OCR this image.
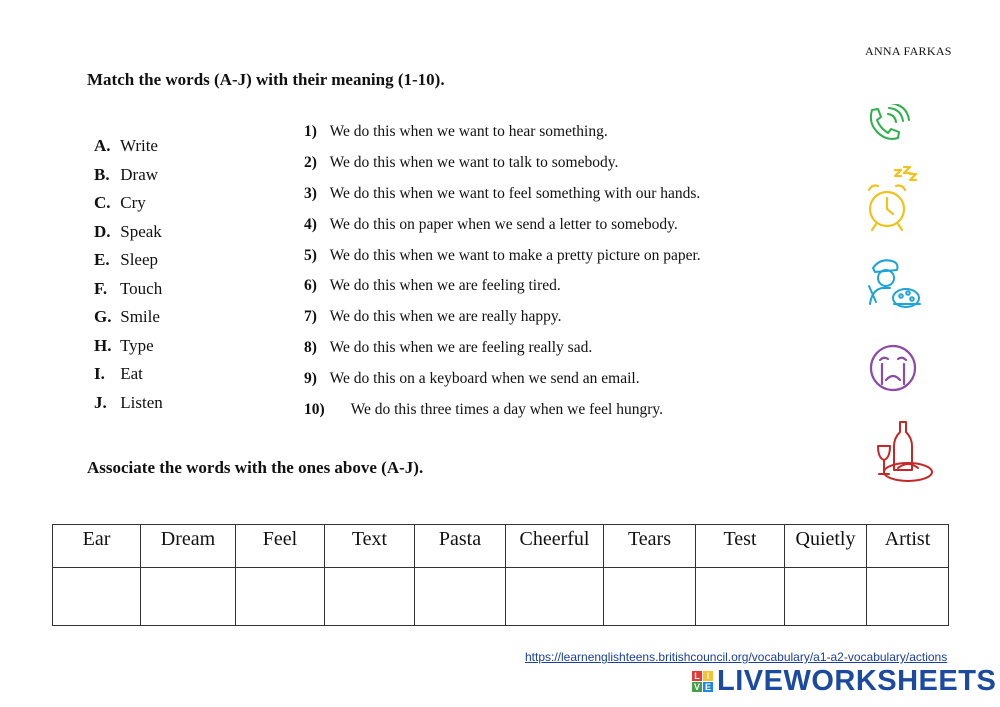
ANNA FARKAS
Match the words (A-J) with their meaning (1-10).
A. Write
B. Draw
C. Cry
D. Speak
E. Sleep
F. Touch
G. Smile
H. Type
I. Eat
J. Listen
1) We do this when we want to hear something.
2) We do this when we want to talk to somebody.
3) We do this when we want to feel something with our hands.
4) We do this on paper when we send a letter to somebody.
5) We do this when we want to make a pretty picture on paper.
6) We do this when we are feeling tired.
7) We do this when we are really happy.
8) We do this when we are feeling really sad.
9) We do this on a keyboard when we send an email.
10) We do this three times a day when we feel hungry.
Associate the words with the ones above (A-J).
Ear	Dream	Feel	Text	Pasta	Cheerful	Tears	Test	Quietly	Artist

https://learnenglishteens.britishcouncil.org/vocabulary/a1-a2-vocabulary/actions
L I
V E LIVEWORKSHEETS
